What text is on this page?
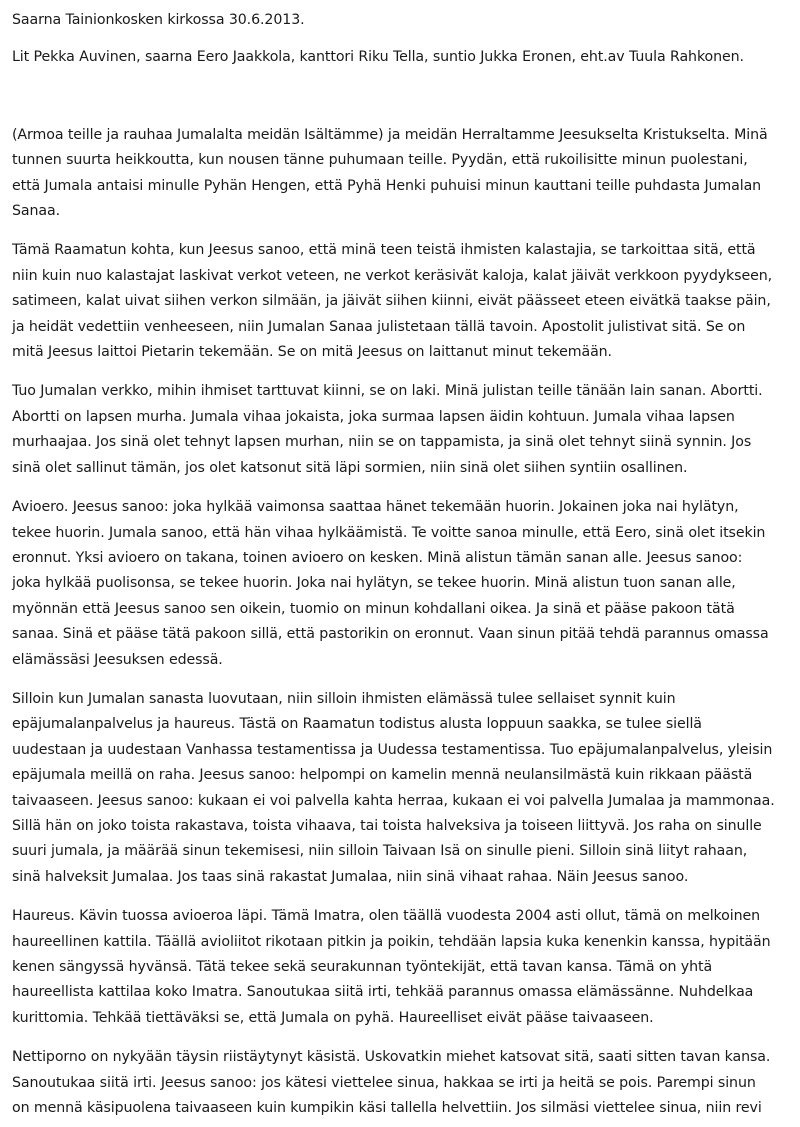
Saarna Tainionkosken kirkossa 30.6.2013.
Lit Pekka Auvinen, saarna Eero Jaakkola, kanttori Riku Tella, suntio Jukka Eronen, eht.av Tuula Rahkonen.
(Armoa teille ja rauhaa Jumalalta meidän Isältämme) ja meidän Herraltamme Jeesukselta Kristukselta. Minä
tunnen suurta heikkoutta, kun nousen tänne puhumaan teille. Pyydän, että rukoilisitte minun puolestani,
että Jumala antaisi minulle Pyhän Hengen, että Pyhä Henki puhuisi minun kauttani teille puhdasta Jumalan
Sanaa.
Tämä Raamatun kohta, kun Jeesus sanoo, että minä teen teistä ihmisten kalastajia, se tarkoittaa sitä, että
niin kuin nuo kalastajat laskivat verkot veteen, ne verkot keräsivät kaloja, kalat jäivät verkkoon pyydykseen,
satimeen, kalat uivat siihen verkon silmään, ja jäivät siihen kiinni, eivät päässeet eteen eivätkä taakse päin,
ja heidät vedettiin venheeseen, niin Jumalan Sanaa julistetaan tällä tavoin. Apostolit julistivat sitä. Se on
mitä Jeesus laittoi Pietarin tekemään. Se on mitä Jeesus on laittanut minut tekemään.
Tuo Jumalan verkko, mihin ihmiset tarttuvat kiinni, se on laki. Minä julistan teille tänään lain sanan. Abortti.
Abortti on lapsen murha. Jumala vihaa jokaista, joka surmaa lapsen äidin kohtuun. Jumala vihaa lapsen
murhaajaa. Jos sinä olet tehnyt lapsen murhan, niin se on tappamista, ja sinä olet tehnyt siinä synnin. Jos
sinä olet sallinut tämän, jos olet katsonut sitä läpi sormien, niin sinä olet siihen syntiin osallinen.
Avioero. Jeesus sanoo: joka hylkää vaimonsa saattaa hänet tekemään huorin. Jokainen joka nai hylätyn,
tekee huorin. Jumala sanoo, että hän vihaa hylkäämistä. Te voitte sanoa minulle, että Eero, sinä olet itsekin
eronnut. Yksi avioero on takana, toinen avioero on kesken. Minä alistun tämän sanan alle. Jeesus sanoo:
joka hylkää puolisonsa, se tekee huorin. Joka nai hylätyn, se tekee huorin. Minä alistun tuon sanan alle,
myönnän että Jeesus sanoo sen oikein, tuomio on minun kohdallani oikea. Ja sinä et pääse pakoon tätä
sanaa. Sinä et pääse tätä pakoon sillä, että pastorikin on eronnut. Vaan sinun pitää tehdä parannus omassa
elämässäsi Jeesuksen edessä.
Silloin kun Jumalan sanasta luovutaan, niin silloin ihmisten elämässä tulee sellaiset synnit kuin
epäjumalanpalvelus ja haureus. Tästä on Raamatun todistus alusta loppuun saakka, se tulee siellä
uudestaan ja uudestaan Vanhassa testamentissa ja Uudessa testamentissa. Tuo epäjumalanpalvelus, yleisin
epäjumala meillä on raha. Jeesus sanoo: helpompi on kamelin mennä neulansilmästä kuin rikkaan päästä
taivaaseen. Jeesus sanoo: kukaan ei voi palvella kahta herraa, kukaan ei voi palvella Jumalaa ja mammonaa.
Sillä hän on joko toista rakastava, toista vihaava, tai toista halveksiva ja toiseen liittyvä. Jos raha on sinulle
suuri jumala, ja määrää sinun tekemisesi, niin silloin Taivaan Isä on sinulle pieni. Silloin sinä liityt rahaan,
sinä halveksit Jumalaa. Jos taas sinä rakastat Jumalaa, niin sinä vihaat rahaa. Näin Jeesus sanoo.
Haureus. Kävin tuossa avioeroa läpi. Tämä Imatra, olen täällä vuodesta 2004 asti ollut, tämä on melkoinen
haureellinen kattila. Täällä avioliitot rikotaan pitkin ja poikin, tehdään lapsia kuka kenenkin kanssa, hypitään
kenen sängyssä hyvänsä. Tätä tekee sekä seurakunnan työntekijät, että tavan kansa. Tämä on yhtä
haureellista kattilaa koko Imatra. Sanoutukaa siitä irti, tehkää parannus omassa elämässänne. Nuhdelkaa
kurittomia. Tehkää tiettäväksi se, että Jumala on pyhä. Haureelliset eivät pääse taivaaseen.
Nettiporno on nykyään täysin riistäytynyt käsistä. Uskovatkin miehet katsovat sitä, saati sitten tavan kansa.
Sanoutukaa siitä irti. Jeesus sanoo: jos kätesi viettelee sinua, hakkaa se irti ja heitä se pois. Parempi sinun
on mennä käsipuolena taivaaseen kuin kumpikin käsi tallella helvettiin. Jos silmäsi viettelee sinua, niin revi
